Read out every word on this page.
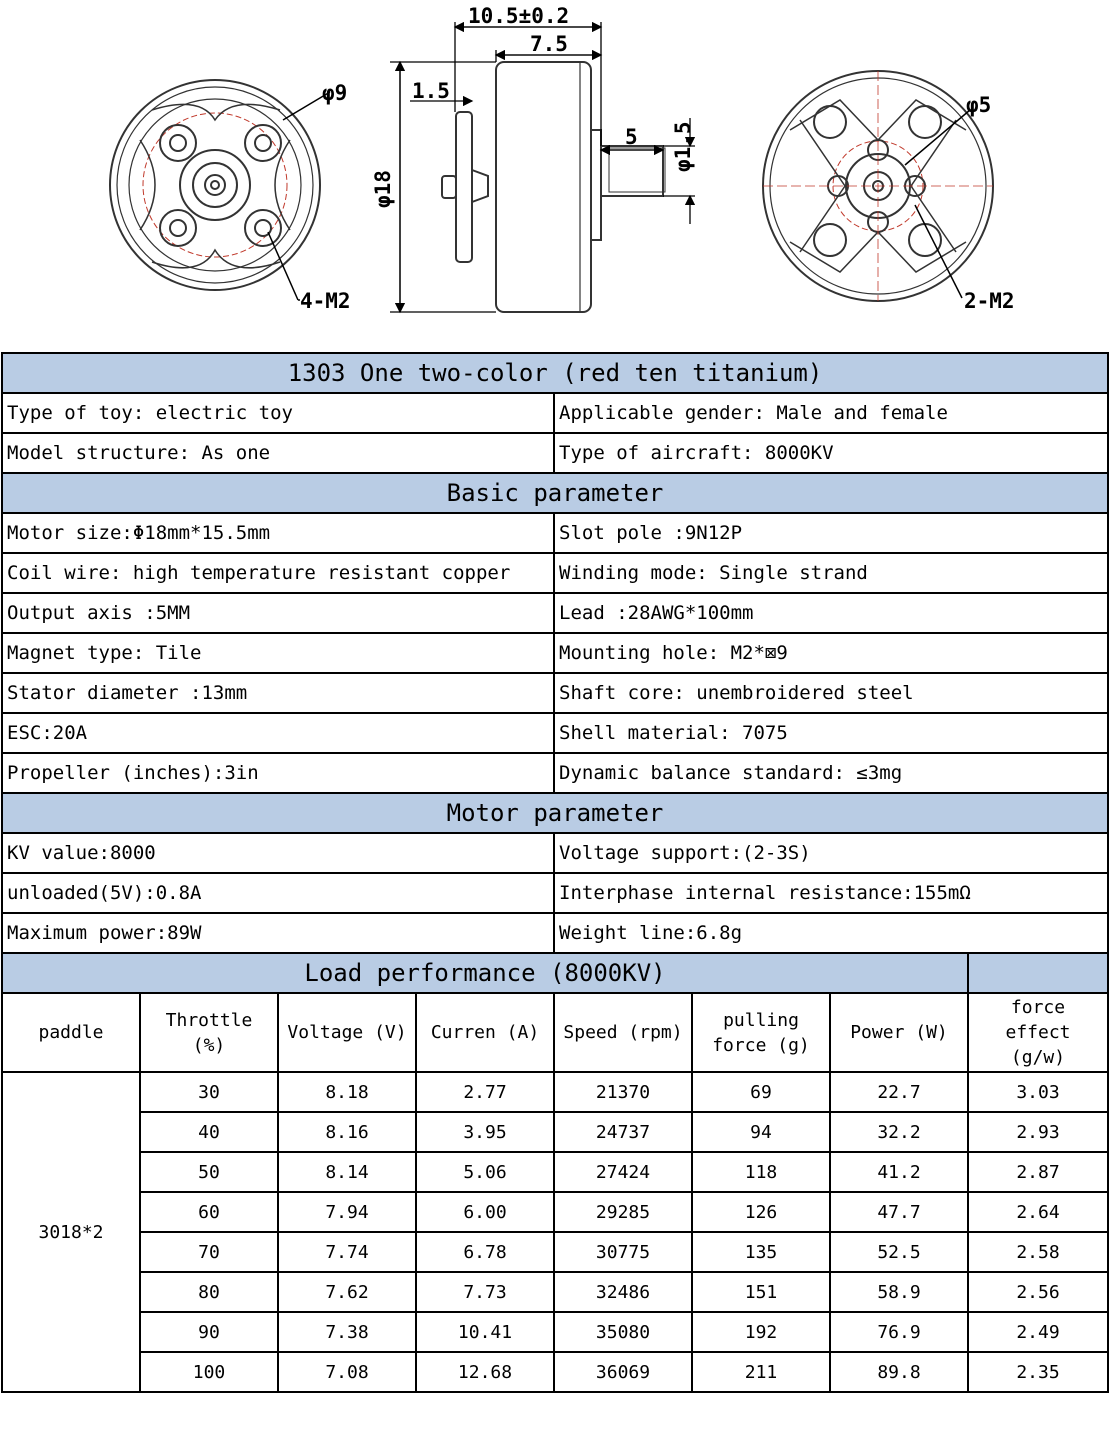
φ9
4-M2
10.5±0.2
7.5
1.5
5
φ18
φ1.5
φ5
2-M2
1303 One two-color (red ten titanium)							
Type of toy: electric toy				Applicable gender: Male and female			
Model structure: As one				Type of aircraft: 8000KV			
Basic parameter							
Motor size:Φ18mm*15.5mm				Slot pole :9N12P			
Coil wire: high temperature resistant copper				Winding mode: Single strand			
Output axis :5MM				Lead :28AWG*100mm			
Magnet type: Tile				Mounting hole: M2*⊠9			
Stator diameter :13mm				Shaft core: unembroidered steel			
ESC:20A				Shell material: 7075			
Propeller (inches):3in				Dynamic balance standard: ≤3mg			
Motor parameter							
KV value:8000				Voltage support:(2-3S)			
unloaded(5V):0.8A				Interphase internal resistance:155mΩ			
Maximum power:89W				Weight line:6.8g			
Load performance (8000KV)							
paddle	Throttle (%)	Voltage (V)	Curren (A)	Speed (rpm)	pulling force (g)	Power (W)	force effect (g/w)
3018*2	30	8.18	2.77	21370	69	22.7	3.03
	40	8.16	3.95	24737	94	32.2	2.93
	50	8.14	5.06	27424	118	41.2	2.87
	60	7.94	6.00	29285	126	47.7	2.64
	70	7.74	6.78	30775	135	52.5	2.58
	80	7.62	7.73	32486	151	58.9	2.56
	90	7.38	10.41	35080	192	76.9	2.49
	100	7.08	12.68	36069	211	89.8	2.35
